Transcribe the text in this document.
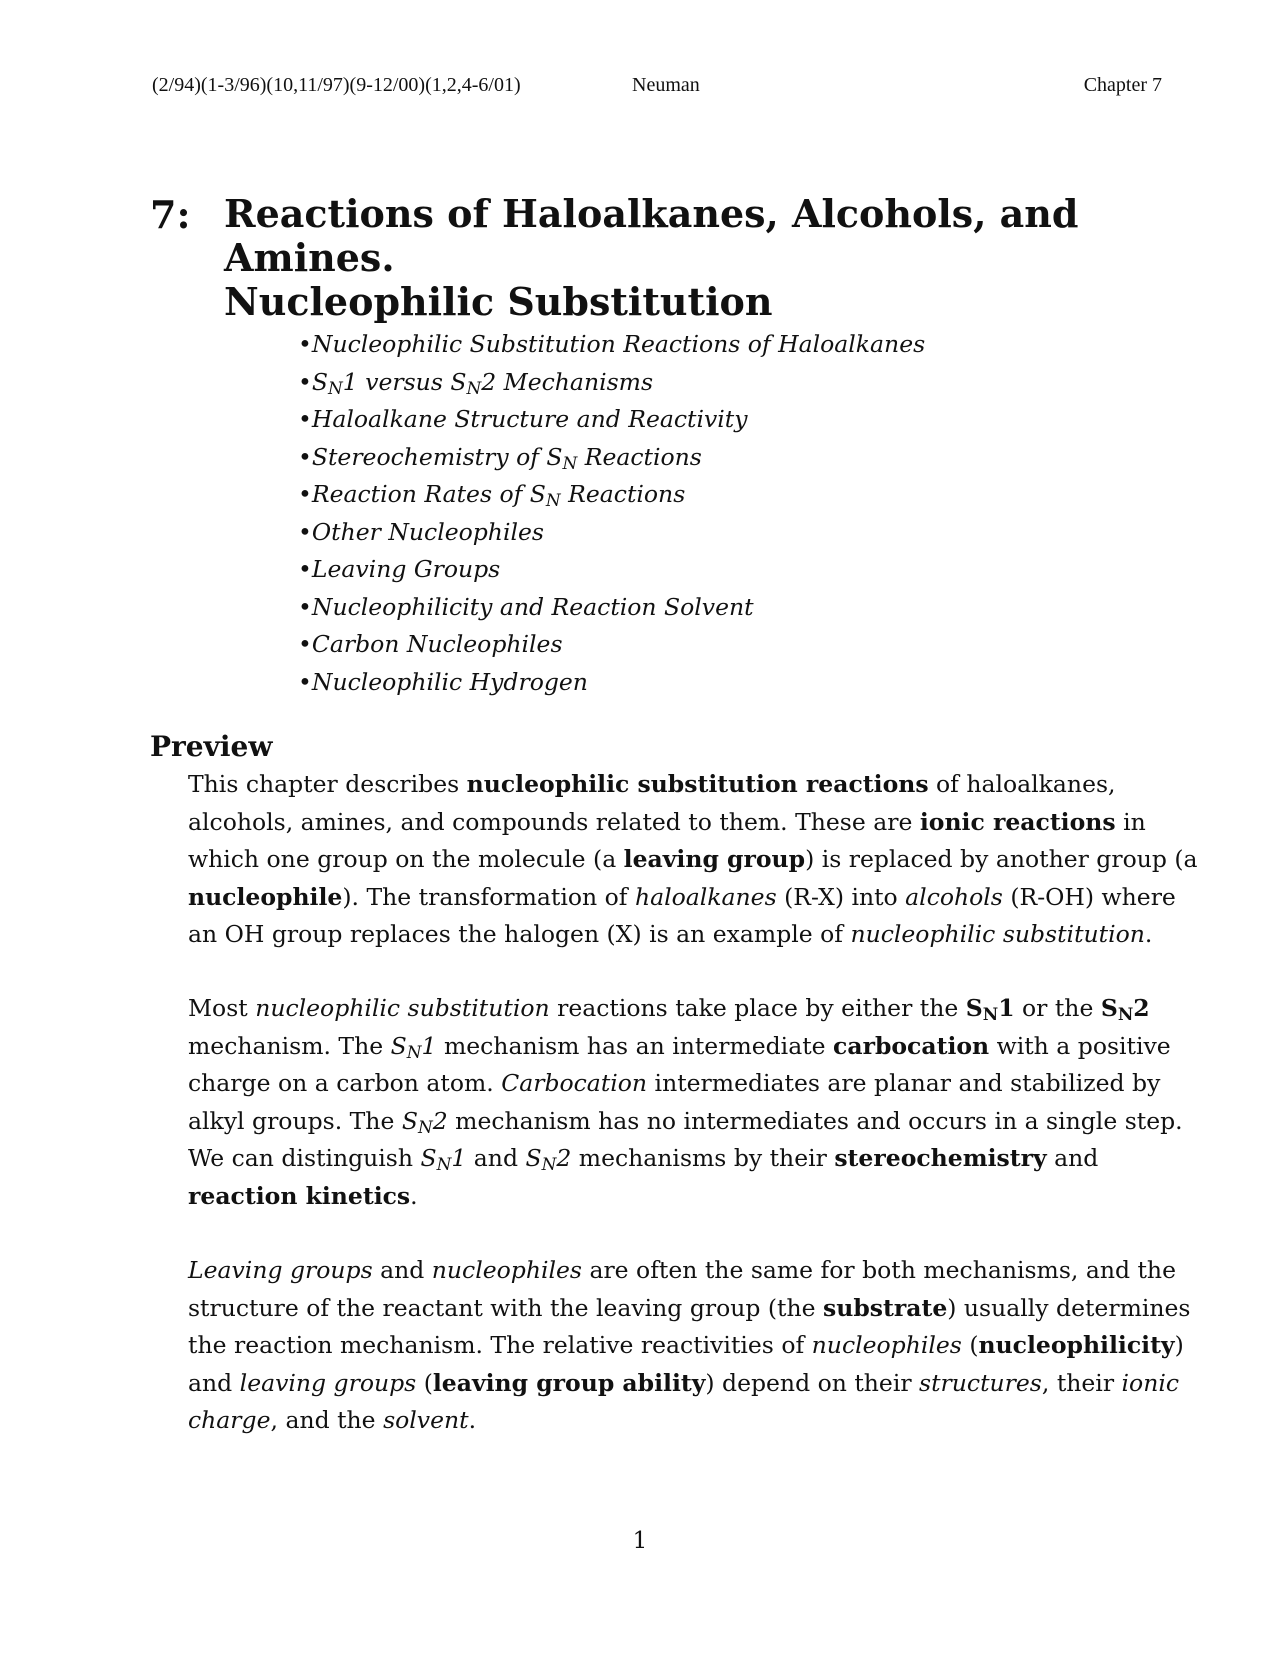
(2/94)(1-3/96)(10,11/97)(9-12/00)(1,2,4-6/01)	Neuman	Chapter 7
7: Reactions of Haloalkanes, Alcohols, and Amines.
Nucleophilic Substitution
•Nucleophilic Substitution Reactions of Haloalkanes
$•S_N1$ versus $S_N2$ Mechanisms
•Haloalkane Structure and Reactivity
•Stereochemistry of $S_N$ Reactions
•Reaction Rates of $S_N$ Reactions
•Other Nucleophiles
•Leaving Groups
•Nucleophilicity and Reaction Solvent
•Carbon Nucleophiles
•Nucleophilic Hydrogen
Preview
This chapter describes nucleophilic substitution reactions of haloalkanes,
alcohols, amines, and compounds related to them. These are ionic reactions in
which one group on the molecule (a leaving group) is replaced by another group (a
nucleophile). The transformation of haloalkanes (R-X) into alcohols (R-OH) where
an OH group replaces the halogen (X) is an example of nucleophilic substitution.
Most nucleophilic substitution reactions take place by either the $S_N1$ or the $S_N2$
mechanism. The $S_N1$ mechanism has an intermediate carbocation with a positive
charge on a carbon atom. Carbocation intermediates are planar and stabilized by
alkyl groups. The $S_N2$ mechanism has no intermediates and occurs in a single step.
We can distinguish $S_N1$ and $S_N2$ mechanisms by their stereochemistry and
reaction kinetics.
Leaving groups and nucleophiles are often the same for both mechanisms, and the
structure of the reactant with the leaving group (the substrate) usually determines
the reaction mechanism. The relative reactivities of nucleophiles (nucleophilicity)
and leaving groups (leaving group ability) depend on their structures, their ionic
charge, and the solvent.
1
